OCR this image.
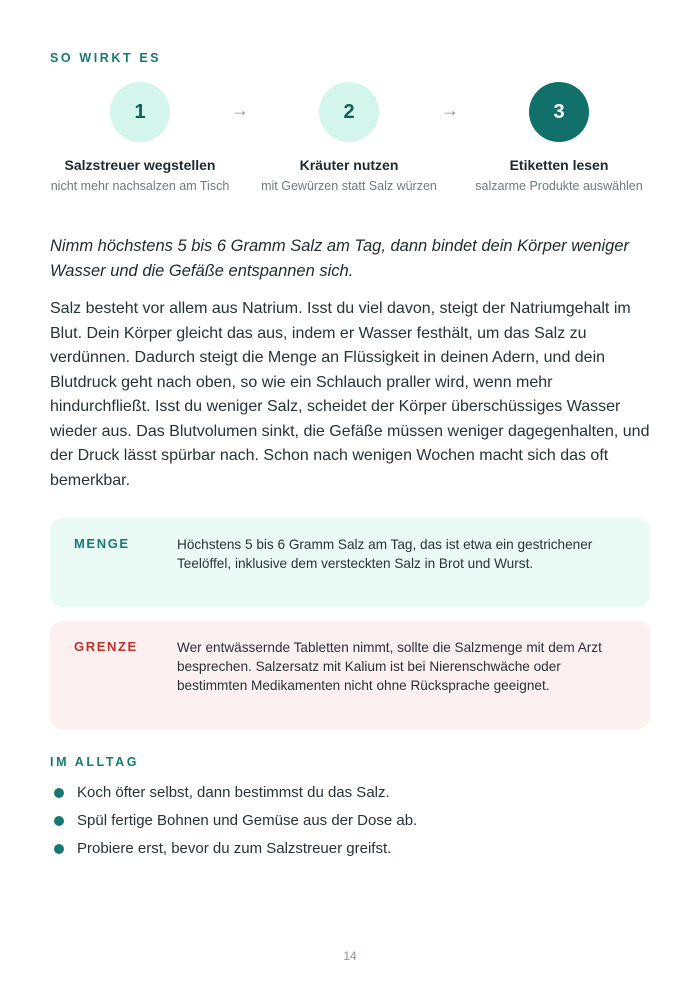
SO WIRKT ES
1
Salzstreuer wegstellen
nicht mehr nachsalzen am Tisch
→	2
Kräuter nutzen
mit Gewürzen statt Salz würzen
→	3
Etiketten lesen
salzarme Produkte auswählen

Nimm höchstens 5 bis 6 Gramm Salz am Tag, dann bindet dein Körper weniger Wasser und die Gefäße entspannen sich.

Salz besteht vor allem aus Natrium. Isst du viel davon, steigt der Natriumgehalt im Blut. Dein Körper gleicht das aus, indem er Wasser festhält, um das Salz zu verdünnen. Dadurch steigt die Menge an Flüssigkeit in deinen Adern, und dein Blutdruck geht nach oben, so wie ein Schlauch praller wird, wenn mehr hindurchfließt. Isst du weniger Salz, scheidet der Körper überschüssiges Wasser wieder aus. Das Blutvolumen sinkt, die Gefäße müssen weniger dagegenhalten, und der Druck lässt spürbar nach. Schon nach wenigen Wochen macht sich das oft bemerkbar.

MENGE	Höchstens 5 bis 6 Gramm Salz am Tag, das ist etwa ein gestrichener Teelöffel, inklusive dem versteckten Salz in Brot und Wurst.
GRENZE	Wer entwässernde Tabletten nimmt, sollte die Salzmenge mit dem Arzt besprechen. Salzersatz mit Kalium ist bei Nierenschwäche oder bestimmten Medikamenten nicht ohne Rücksprache geeignet.
IM ALLTAG
Koch öfter selbst, dann bestimmst du das Salz.
Spül fertige Bohnen und Gemüse aus der Dose ab.
Probiere erst, bevor du zum Salzstreuer greifst.
14
